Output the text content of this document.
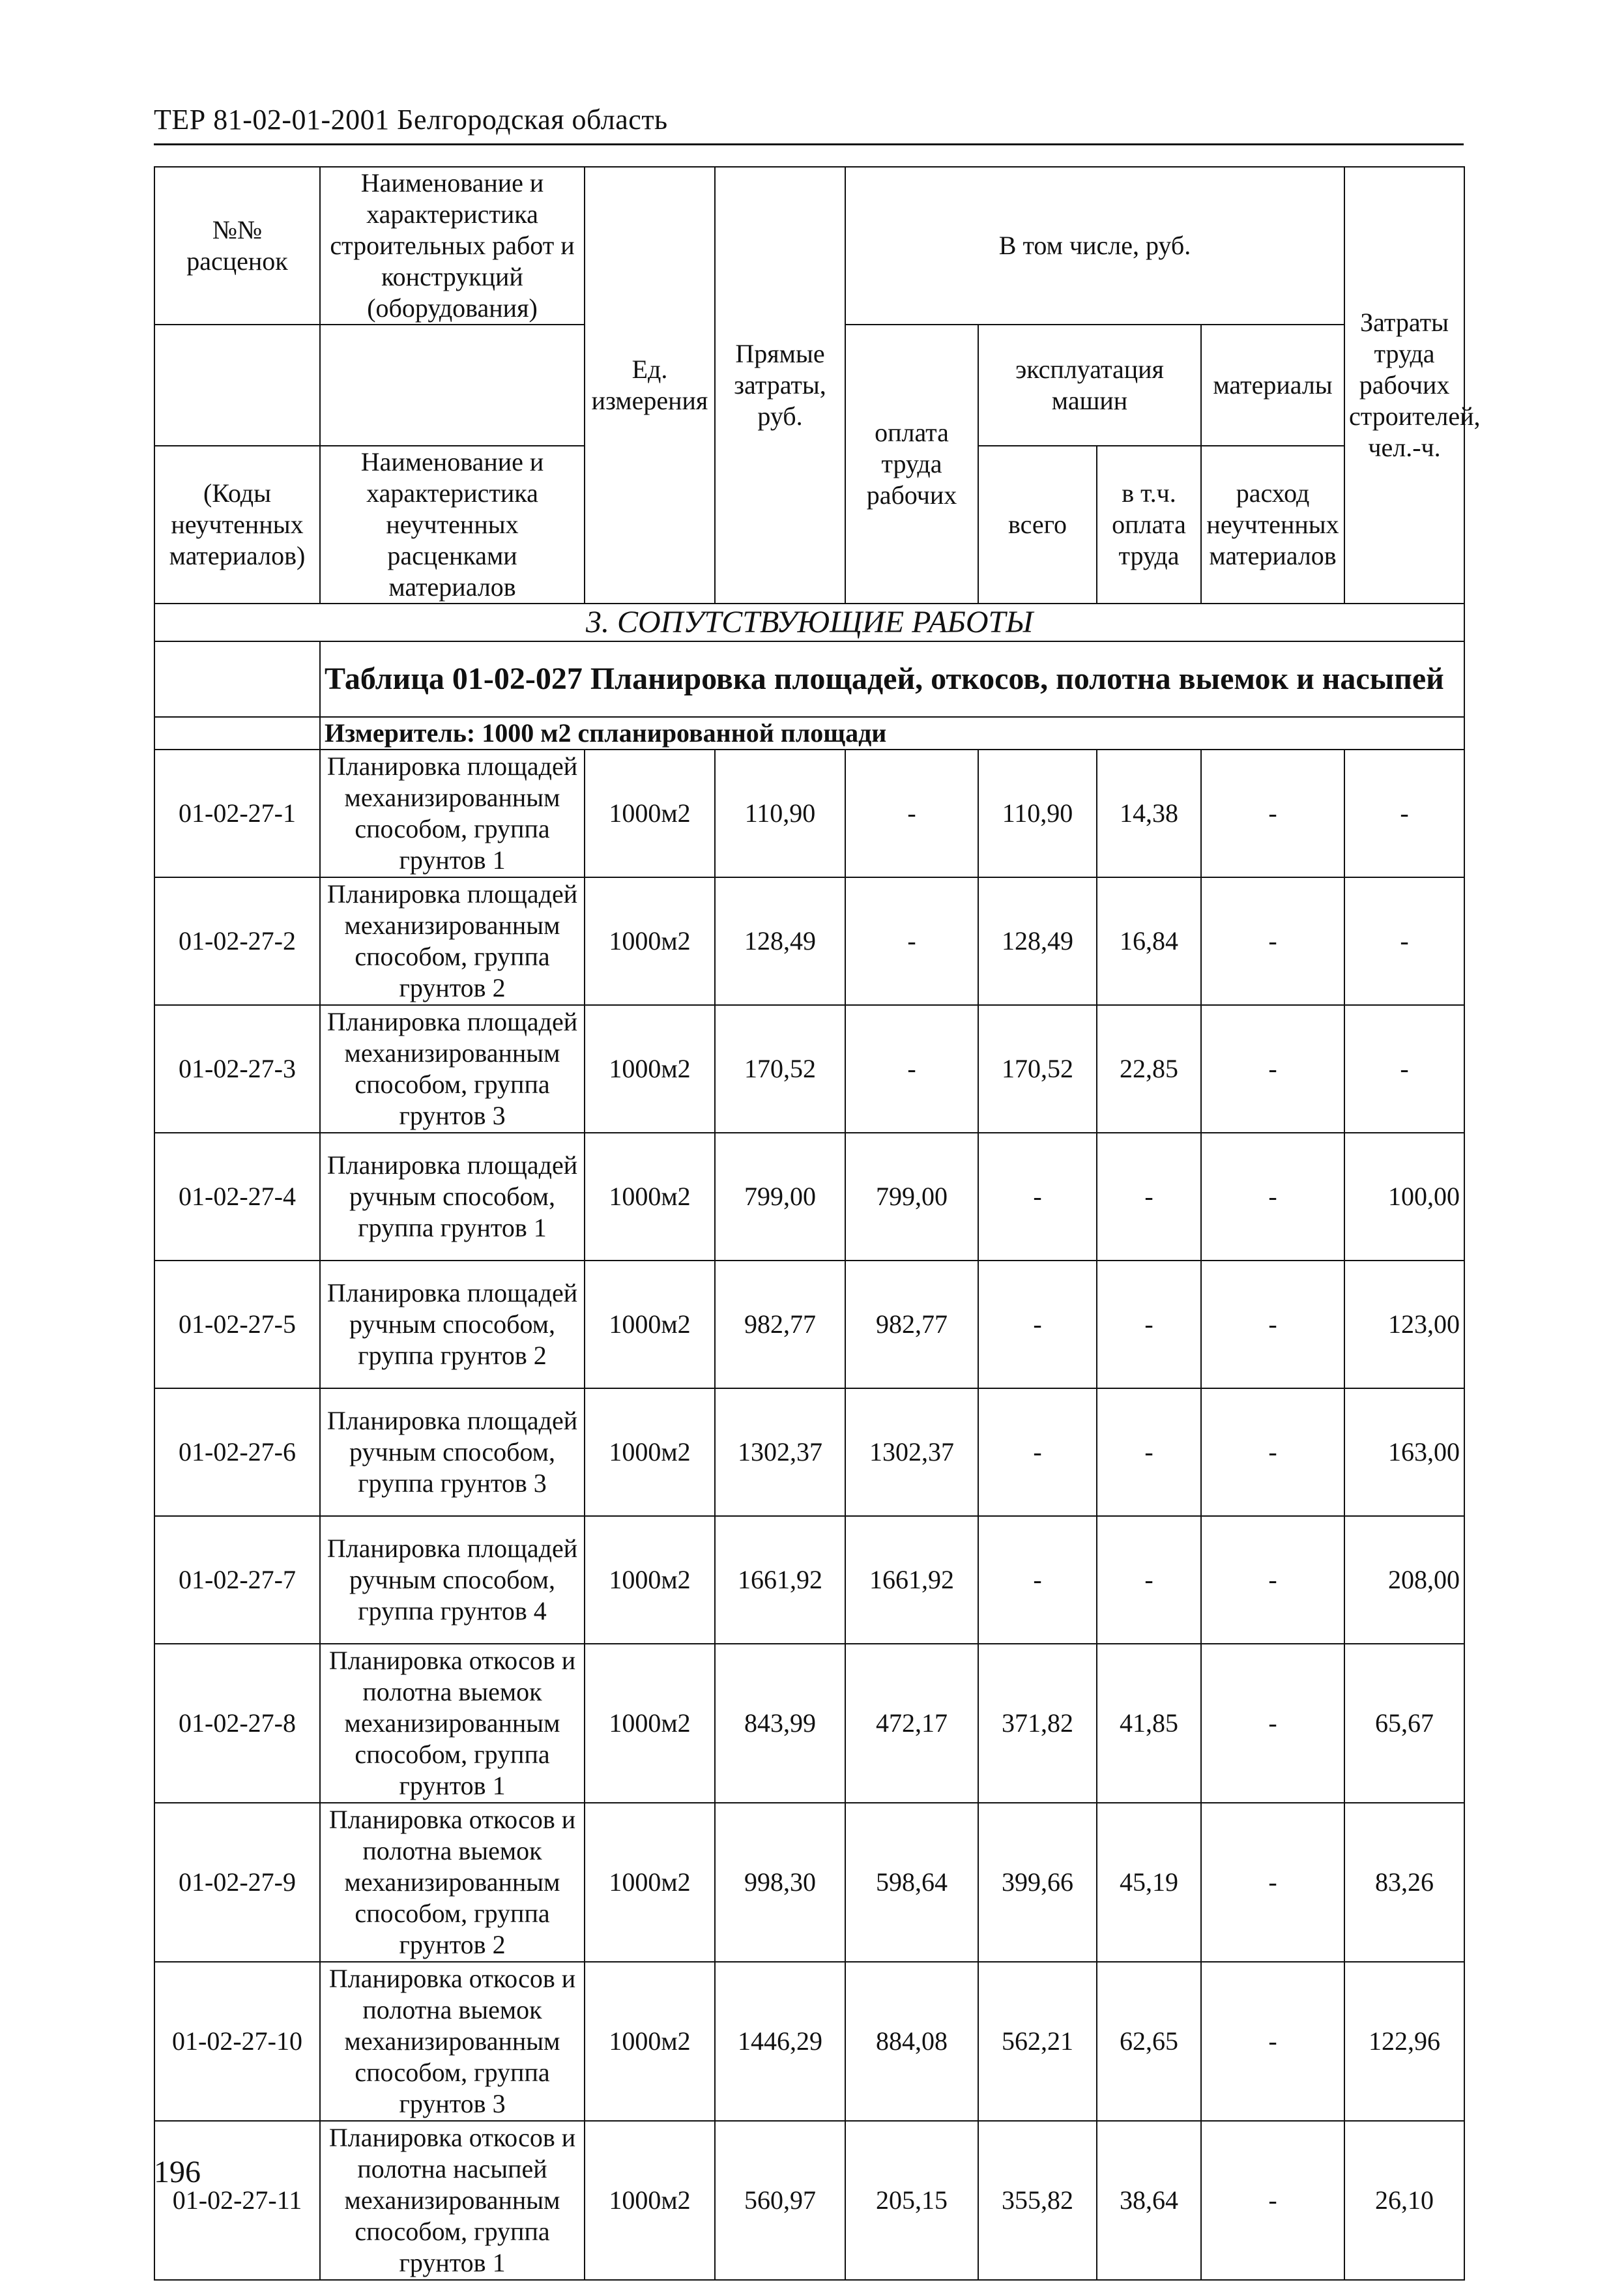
ТЕР 81-02-01-2001 Белгородская область
№№ расценок	Наименование и характеристика строительных работ и конструкций (оборудования)	Ед. измерения	Прямые затраты, руб.	В том числе, руб.				Затраты труда рабочих строителей, чел.-ч.
				оплата труда рабочих	эксплуатация машин		материалы	
(Коды неучтенных материалов)	Наименование и характеристика неучтенных расценками материалов				всего	в т.ч. оплата труда	расход неучтенных материалов	

3. СОПУТСТВУЮЩИЕ РАБОТЫ								
	Таблица 01-02-027 Планировка площадей, откосов, полотна выемок и насыпей							
	Измеритель: 1000 м2 спланированной площади							
01-02-27-1	Планировка площадей механизированным способом, группа грунтов 1	1000м2	110,90	-	110,90	14,38	-	-
01-02-27-2	Планировка площадей механизированным способом, группа грунтов 2	1000м2	128,49	-	128,49	16,84	-	-
01-02-27-3	Планировка площадей механизированным способом, группа грунтов 3	1000м2	170,52	-	170,52	22,85	-	-
01-02-27-4	Планировка площадей ручным способом, группа грунтов 1	1000м2	799,00	799,00	-	-	-	100,00
01-02-27-5	Планировка площадей ручным способом, группа грунтов 2	1000м2	982,77	982,77	-	-	-	123,00
01-02-27-6	Планировка площадей ручным способом, группа грунтов 3	1000м2	1302,37	1302,37	-	-	-	163,00
01-02-27-7	Планировка площадей ручным способом, группа грунтов 4	1000м2	1661,92	1661,92	-	-	-	208,00
01-02-27-8	Планировка откосов и полотна выемок механизированным способом, группа грунтов 1	1000м2	843,99	472,17	371,82	41,85	-	65,67
01-02-27-9	Планировка откосов и полотна выемок механизированным способом, группа грунтов 2	1000м2	998,30	598,64	399,66	45,19	-	83,26
01-02-27-10	Планировка откосов и полотна выемок механизированным способом, группа грунтов 3	1000м2	1446,29	884,08	562,21	62,65	-	122,96
01-02-27-11	Планировка откосов и полотна насыпей механизированным способом, группа грунтов 1	1000м2	560,97	205,15	355,82	38,64	-	26,10
196
